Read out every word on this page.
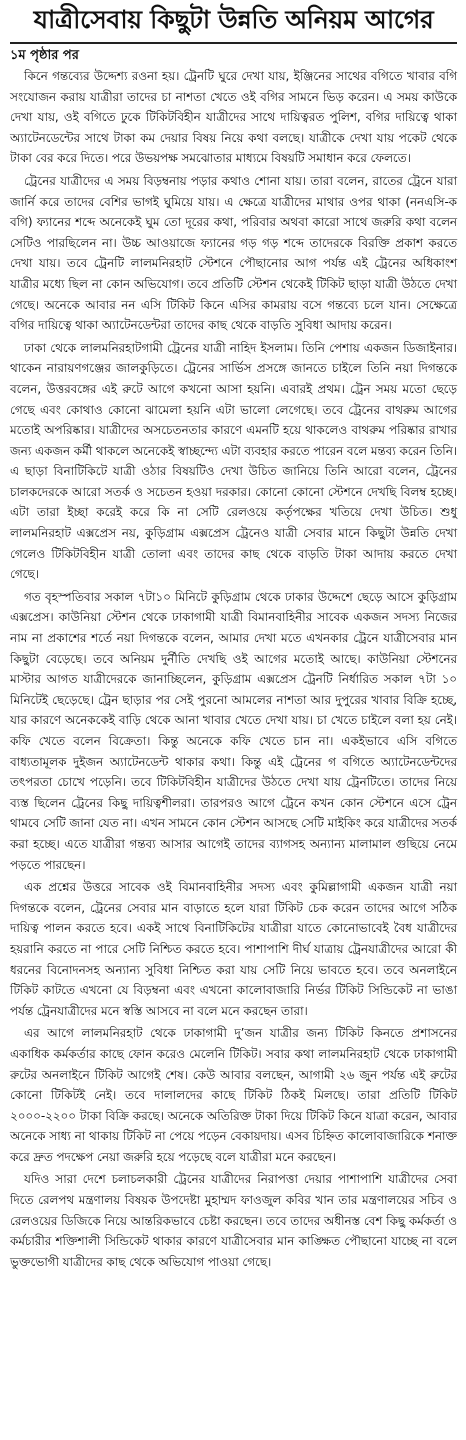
যাত্রীসেবায় কিছুটা উন্নতি অনিয়ম আগের
১ম পৃষ্ঠার পর

কিনে গন্তব্যের উদ্দেশ্য রওনা হয়। ট্রেনটি ঘুরে দেখা যায়, ইঞ্জিনের সাথের বগিতে খাবার বগি সংযোজন করায় যাত্রীরা তাদের চা নাশতা খেতে ওই বগির সামনে ভিড় করেন। এ সময় কাউকে দেখা যায়, ওই বগিতে ঢুকে টিকিটবিহীন যাত্রীদের সাথে দায়িত্বরত পুলিশ, বগির দায়িত্বে থাকা অ্যাটেনডেন্টের সাথে টাকা কম দেয়ার বিষয় নিয়ে কথা বলছে। যাত্রীকে দেখা যায় পকেট থেকে টাকা বের করে দিতে। পরে উভয়পক্ষ সমঝোতার মাধ্যমে বিষয়টি সমাধান করে ফেলতে।

ট্রেনের যাত্রীদের এ সময় বিড়ম্বনায় পড়ার কথাও শোনা যায়। তারা বলেন, রাতের ট্রেনে যারা জার্নি করে তাদের বেশির ভাগই ঘুমিয়ে যায়। এ ক্ষেত্রে যাত্রীদের মাথার ওপর থাকা (ননএসি-ক বগি) ফ্যানের শব্দে অনেকেই ঘুম তো দূরের কথা, পরিবার অথবা কারো সাথে জরুরি কথা বলেন সেটিও পারছিলেন না। উচ্চ আওয়াজে ফ্যানের গড় গড় শব্দে তাদেরকে বিরক্তি প্রকাশ করতে দেখা যায়। তবে ট্রেনটি লালমনিরহাট স্টেশনে পৌছানোর আগ পর্যন্ত এই ট্রেনের অধিকাংশ যাত্রীর মধ্যে ছিল না কোন অভিযোগ। তবে প্রতিটি স্টেশন থেকেই টিকিট ছাড়া যাত্রী উঠতে দেখা গেছে। অনেকে আবার নন এসি টিকিট কিনে এসির কামরায় বসে গন্তব্যে চলে যান। সেক্ষেত্রে বগির দায়িত্বে থাকা অ্যাটেনডেন্টরা তাদের কাছ থেকে বাড়তি সুবিধা আদায় করেন।

ঢাকা থেকে লালমনিরহাটগামী ট্রেনের যাত্রী নাহিদ ইসলাম। তিনি পেশায় একজন ডিজাইনার। থাকেন নারায়ণগঞ্জের জালকুড়িতে। ট্রেনের সার্ভিস প্রসঙ্গে জানতে চাইলে তিনি নয়া দিগন্তকে বলেন, উত্তরবঙ্গের এই রুটে আগে কখনো আসা হয়নি। এবারই প্রথম। ট্রেন সময় মতো ছেড়ে গেছে এবং কোথাও কোনো ঝামেলা হয়নি এটা ভালো লেগেছে। তবে ট্রেনের বাথরুম আগের মতোই অপরিষ্কার। যাত্রীদের অসচেতনতার কারণে এমনটি হয়ে থাকলেও বাথরুম পরিষ্কার রাখার জন্য একজন কর্মী থাকলে অনেকেই স্বাচ্ছন্দ্যে এটা ব্যবহার করতে পারেন বলে মন্তব্য করেন তিনি। এ ছাড়া বিনাটিকিটে যাত্রী ওঠার বিষয়টিও দেখা উচিত জানিয়ে তিনি আরো বলেন, ট্রেনের চালকদেরকে আরো সতর্ক ও সচেতন হওয়া দরকার। কোনো কোনো স্টেশনে দেখছি বিলম্ব হচ্ছে। এটা তারা ইচ্ছা করেই করে কি না সেটি রেলওয়ে কর্তৃপক্ষের খতিয়ে দেখা উচিত। শুধু লালমনিরহাট এক্সপ্রেস নয়, কুড়িগ্রাম এক্সপ্রেস ট্রেনেও যাত্রী সেবার মানে কিছুটা উন্নতি দেখা গেলেও টিকিটবিহীন যাত্রী তোলা এবং তাদের কাছ থেকে বাড়তি টাকা আদায় করতে দেখা গেছে।

গত বৃহস্পতিবার সকাল ৭টা১০ মিনিটে কুড়িগ্রাম থেকে ঢাকার উদ্দেশে ছেড়ে আসে কুড়িগ্রাম এক্সপ্রেস। কাউনিয়া স্টেশন থেকে ঢাকাগামী যাত্রী বিমানবাহিনীর সাবেক একজন সদস্য নিজের নাম না প্রকাশের শর্তে নয়া দিগন্তকে বলেন, আমার দেখা মতে এখনকার ট্রেনে যাত্রীসেবার মান কিছুটা বেড়েছে। তবে অনিয়ম দুর্নীতি দেখছি ওই আগের মতোই আছে। কাউনিয়া স্টেশনের মাস্টার আগত যাত্রীদেরকে জানাচ্ছিলেন, কুড়িগ্রাম এক্সপ্রেস ট্রেনটি নির্ধারিত সকাল ৭টা ১০ মিনিটেই ছেড়েছে। ট্রেন ছাড়ার পর সেই পুরনো আমলের নাশতা আর দুপুরের খাবার বিক্রি হচ্ছে, যার কারণে অনেককেই বাড়ি থেকে আনা খাবার খেতে দেখা যায়। চা খেতে চাইলে বলা হয় নেই। কফি খেতে বলেন বিক্রেতা। কিন্তু অনেকে কফি খেতে চান না। একইভাবে এসি বগিতে বাধ্যতামূলক দুইজন অ্যাটেনডেন্ট থাকার কথা। কিন্তু এই ট্রেনের গ বগিতে অ্যাটেনডেন্টদের তৎপরতা চোখে পড়েনি। তবে টিকিটবিহীন যাত্রীদের উঠতে দেখা যায় ট্রেনটিতে। তাদের নিয়ে ব্যস্ত ছিলেন ট্রেনের কিছু দায়িত্বশীলরা। তারপরও আগে ট্রেনে কখন কোন স্টেশনে এসে ট্রেন থামবে সেটি জানা যেত না। এখন সামনে কোন স্টেশন আসছে সেটি মাইকিং করে যাত্রীদের সতর্ক করা হচ্ছে। এতে যাত্রীরা গন্তব্য আসার আগেই তাদের ব্যাগসহ অন্যান্য মালামাল গুছিয়ে নেমে পড়তে পারছেন।

এক প্রশ্নের উত্তরে সাবেক ওই বিমানবাহিনীর সদস্য এবং কুমিল্লাগামী একজন যাত্রী নয়া দিগন্তকে বলেন, ট্রেনের সেবার মান বাড়াতে হলে যারা টিকিট চেক করেন তাদের আগে সঠিক দায়িত্ব পালন করতে হবে। একই সাথে বিনাটিকিটের যাত্রীরা যাতে কোনোভাবেই বৈধ যাত্রীদের হয়রানি করতে না পারে সেটি নিশ্চিত করতে হবে। পাশাপাশি দীর্ঘ যাত্রায় ট্রেনযাত্রীদের আরো কী ধরনের বিনোদনসহ অন্যান্য সুবিধা নিশ্চিত করা যায় সেটি নিয়ে ভাবতে হবে। তবে অনলাইনে টিকিট কাটতে এখনো যে বিড়ম্বনা এবং এখনো কালোবাজারি নির্ভর টিকিট সিন্ডিকেট না ভাঙা পর্যন্ত ট্রেনযাত্রীদের মনে স্বস্তি আসবে না বলে মনে করছেন তারা।

এর আগে লালমনিরহাট থেকে ঢাকাগামী দু’জন যাত্রীর জন্য টিকিট কিনতে প্রশাসনের একাধিক কর্মকর্তার কাছে ফোন করেও মেলেনি টিকিট। সবার কথা লালমনিরহাট থেকে ঢাকাগামী রুটের অনলাইনে টিকিট আগেই শেষ। কেউ আবার বলছেন, আগামী ২৬ জুন পর্যন্ত এই রুটের কোনো টিকিটই নেই। তবে দালালদের কাছে টিকিট ঠিকই মিলছে। তারা প্রতিটি টিকিট ২০০০-২২০০ টাকা বিক্রি করছে। অনেকে অতিরিক্ত টাকা দিয়ে টিকিট কিনে যাত্রা করেন, আবার অনেকে সাধ্য না থাকায় টিকিট না পেয়ে পড়েন বেকায়দায়। এসব চিহ্নিত কালোবাজারিকে শনাক্ত করে দ্রুত পদক্ষেপ নেয়া জরুরি হয়ে পড়েছে বলে যাত্রীরা মনে করছেন।

যদিও সারা দেশে চলাচলকারী ট্রেনের যাত্রীদের নিরাপত্তা দেয়ার পাশাপাশি যাত্রীদের সেবা দিতে রেলপথ মন্ত্রণালয় বিষয়ক উপদেষ্টা মুহাম্মদ ফাওজুল কবির খান তার মন্ত্রণালয়ের সচিব ও রেলওয়ের ডিজিকে নিয়ে আন্তরিকভাবে চেষ্টা করছেন। তবে তাদের অধীনস্ত বেশ কিছু কর্মকর্তা ও কর্মচারীর শক্তিশালী সিন্ডিকেট থাকার কারণে যাত্রীসেবার মান কাঙ্ক্ষিত পৌছানো যাচ্ছে না বলে ভুক্তভোগী যাত্রীদের কাছ থেকে অভিযোগ পাওয়া গেছে।
